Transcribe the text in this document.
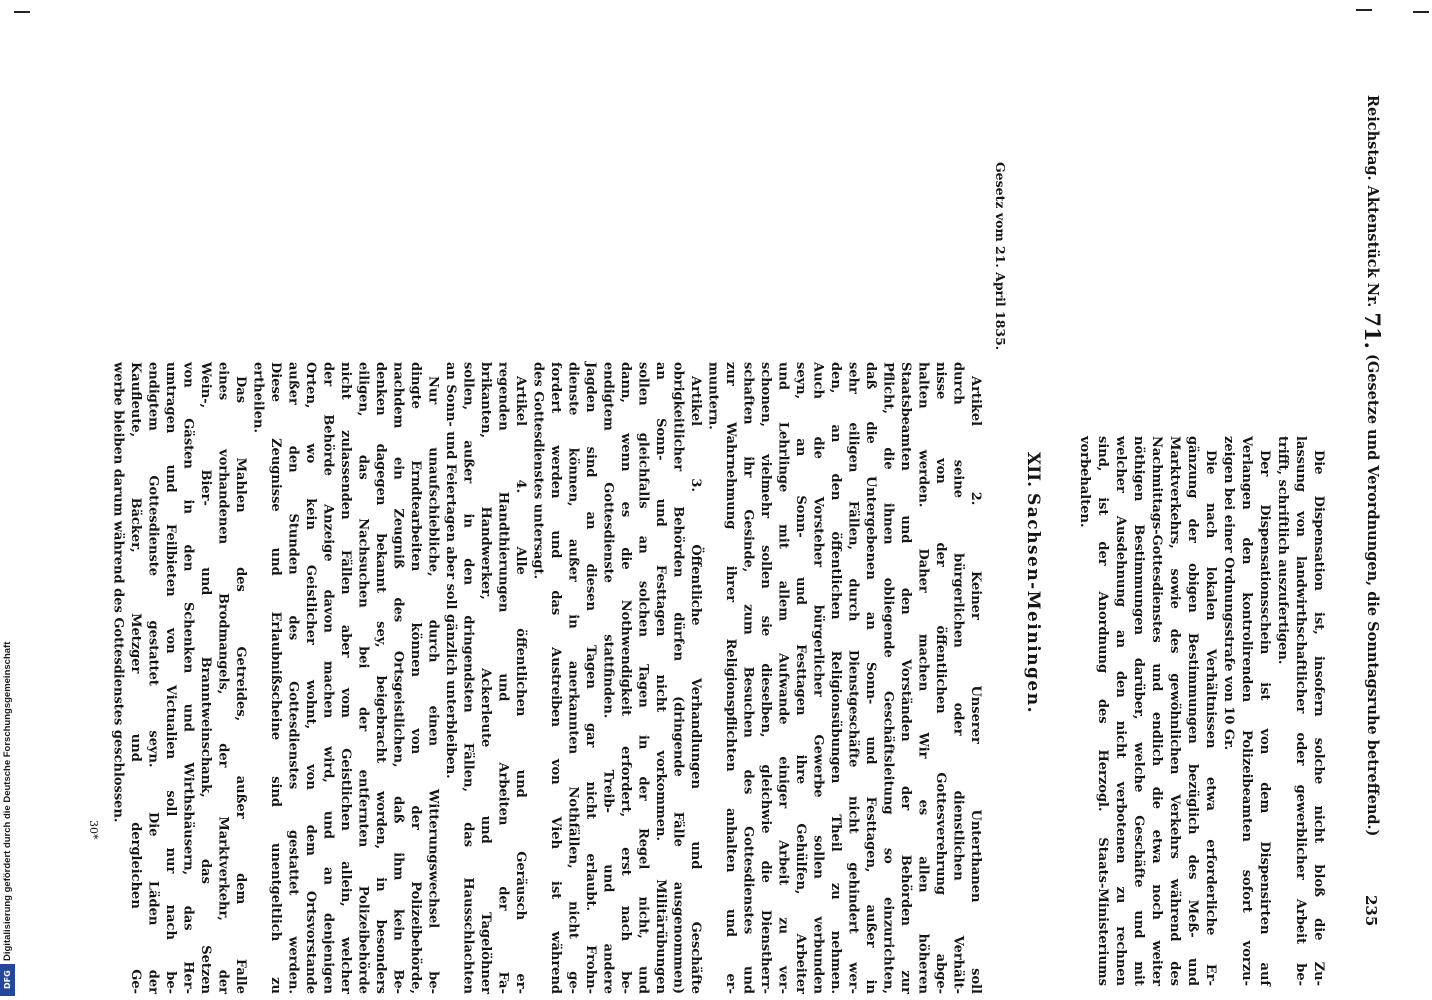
Reichstag. Aktenstück Nr. 71. (Gesetze und Verordnungen, die Sonntagsruhe betreffend.)
235
Die Dispensation ist, insofern solche nicht bloß die Zu-
lassung von landwirthschaftlicher oder gewerblicher Arbeit be-
trifft, schriftlich auszufertigen.
Der Dispensationsschein ist von dem Dispensirten auf
Verlangen den kontrolirenden Polizeibeamten sofort vorzu-
zeigen bei einer Ordnungsstrafe von 10 Gr.
Die nach lokalen Verhältnissen etwa erforderliche Er-
gänzung der obigen Bestimmungen bezüglich des Meß- und
Marktverkehrs, sowie des gewöhnlichen Verkehrs während des
Nachmittags-Gottesdienstes und endlich die etwa noch weiter
nöthigen Bestimmungen darüber, welche Geschäfte und mit
welcher Ausdehnung an den nicht verbotenen zu rechnen
sind, ist der Anordnung des Herzogl. Staats-Ministeriums
vorbehalten.
XII. Sachsen-Meiningen.
Gesetz vom 21. April 1835.
Artikel 2. Keiner Unserer Unterthanen soll
durch seine bürgerlichen oder dienstlichen Verhält-
nisse von der öffentlichen Gottesverehrung abge-
halten werden. Daher machen Wir es allen höheren
Staatsbeamten und den Vorständen der Behörden zur
Pflicht, die ihnen obliegende Geschäftsleitung so einzurichten,
daß die Untergebenen an Sonn- und Festtagen, außer in
sehr eiligen Fällen, durch Dienstgeschäfte nicht gehindert wer-
den, an den öffentlichen Religionsübungen Theil zu nehmen.
Auch die Vorsteher bürgerlicher Gewerbe sollen verbunden
seyn, an Sonn- und Festtagen ihre Gehülfen, Arbeiter
und Lehrlinge mit allem Aufwande einiger Arbeit zu ver-
schonen, vielmehr sollen sie dieselben, gleichwie die Dienstherr-
schaften ihr Gesinde, zum Besuchen des Gottesdienstes und
zur Wahrnehmung ihrer Religionspflichten anhalten und er-
muntern.
Artikel 3. Öffentliche Verhandlungen und Geschäfte
obrigkeitlicher Behörden dürfen (dringende Fälle ausgenommen)
an Sonn- und Festtagen nicht vorkommen. Militärübungen
sollen gleichfalls an solchen Tagen in der Regel nicht, und
dann, wenn es die Nothwendigkeit erfordert, erst nach be-
endigtem Gottesdienste stattfinden. Treib- und andere
Jagden sind an diesen Tagen gar nicht erlaubt. Frohn-
dienste können, außer in anerkannten Nothfällen, nicht ge-
fordert werden und das Austreiben von Vieh ist während
des Gottesdienstes untersagt.
Artikel 4. Alle öffentlichen und Geräusch er-
regenden Handthierungen und Arbeiten der Fa-
brikanten, Handwerker, Ackerleute und Tagelöhner
sollen, außer in den dringendsten Fällen, das Hausschlachten
an Sonn- und Feiertagen aber soll gänzlich unterbleiben.
Nur unaufschiebliche, durch einen Witterungswechsel be-
dingte Erndtearbeiten können von der Polizeibehörde,
nachdem ein Zeugniß des Ortsgeistlichen, daß ihm kein Be-
denken dagegen bekannt sey, beigebracht worden, in besonders
eiligen, das Nachsuchen bei der entfernten Polizeibehörde
nicht zulassenden Fällen aber vom Geistlichen allein, welcher
der Behörde Anzeige davon machen wird, und an denjenigen
Orten, wo kein Geistlicher wohnt, von dem Ortsvorstande
außer den Stunden des Gottesdienstes gestattet werden.
Diese Zeugnisse und Erlaubnißscheine sind unentgeltlich zu
ertheilen.
Das Mahlen des Getreides, außer dem Falle
eines vorhandenen Brodmangels, der Marktverkehr, der
Wein-, Bier- und Branntweinschank, das Setzen
von Gästen in den Schenken und Wirthshäusern, das Her-
umtragen und Feilbieten von Victualien soll nur nach be-
endigtem Gottesdienste gestattet seyn. Die Läden der
Kaufleute, Bäcker, Metzger und dergleichen Ge-
werbe bleiben darum während des Gottesdienstes geschlossen.
30*
Digitalisierung gefördert durch die Deutsche Forschungsgemeinschaft
DFG
